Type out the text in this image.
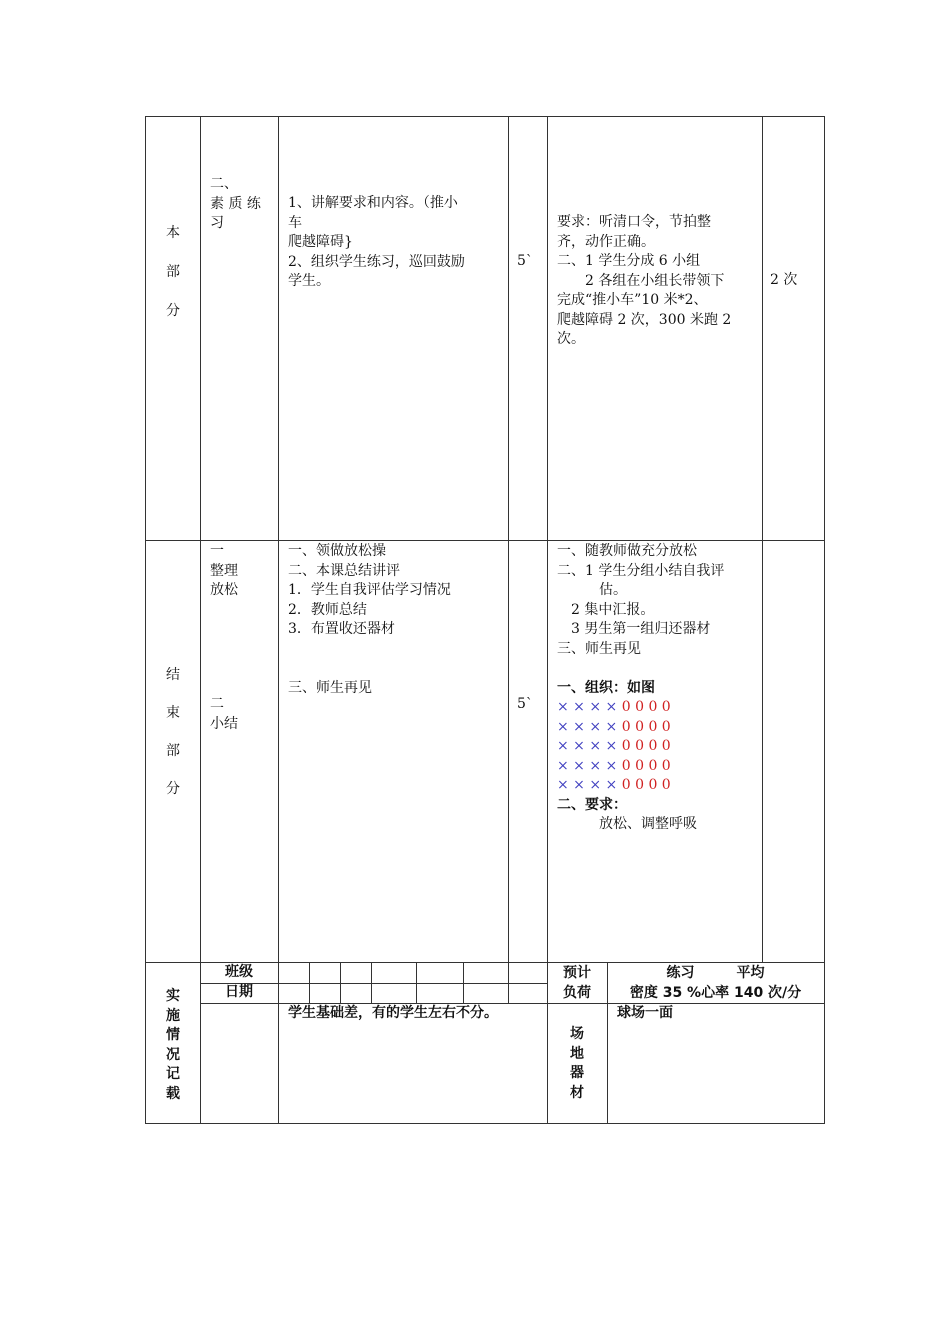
本
部
分
二、
素 质 练
习
1、讲解要求和内容。（推小
车
爬越障碍}
2、组织学生练习，巡回鼓励
学生。
5`
要求：听清口令，节拍整
齐，动作正确。
二、1 学生分成 6 小组
　　2 各组在小组长带领下
完成“推小车”10 米*2、
爬越障碍 2 次，300 米跑 2
次。
2 次
结
束
部
分
一
整理
放松
二
小结
一、领做放松操
二、本课总结讲评
1．学生自我评估学习情况
2．教师总结
3．布置收还器材
三、师生再见
5`
一、随教师做充分放松
二、1 学生分组小结自我评
　　　估。
　2 集中汇报。
　3 男生第一组归还器材
三、师生再见
一、组织：如图
× × × × 0 0 0 0
× × × × 0 0 0 0
× × × × 0 0 0 0
× × × × 0 0 0 0
× × × × 0 0 0 0
二、要求：
放松、调整呼吸
实
施
情
况
记
载
班级
日期
学生基础差，有的学生左右不分。
预计
负荷
练习　　　平均
密度 35 %心率 140 次/分
场
地
器
材
球场一面
